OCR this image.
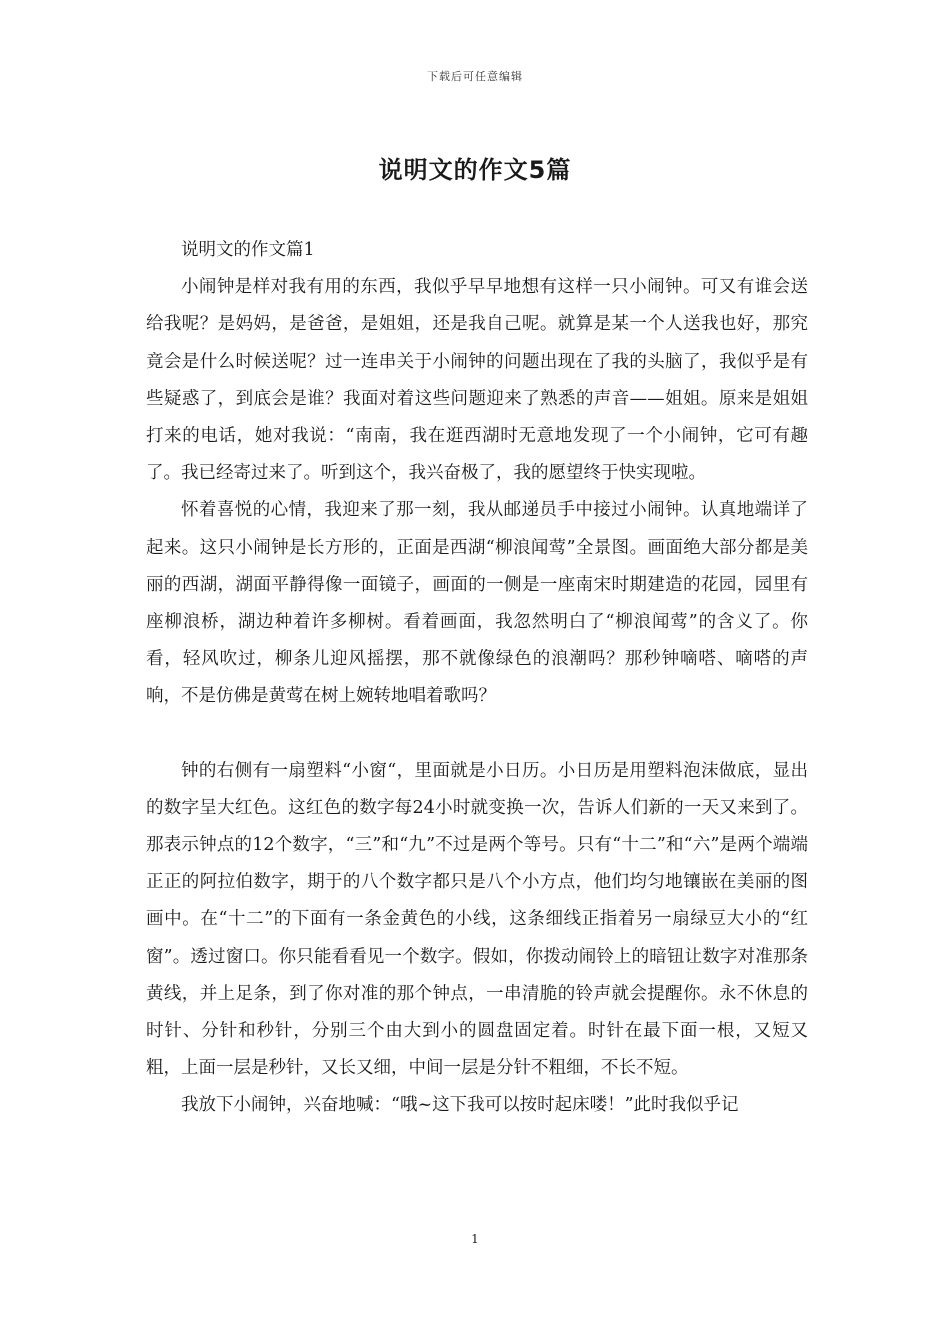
下载后可任意编辑
说明文的作文5篇

说明文的作文篇1

小闹钟是样对我有用的东西，我似乎早早地想有这样一只小闹钟。可又有谁会送给我呢？是妈妈，是爸爸，是姐姐，还是我自己呢。就算是某一个人送我也好，那究竟会是什么时候送呢？过一连串关于小闹钟的问题出现在了我的头脑了，我似乎是有些疑惑了，到底会是谁？我面对着这些问题迎来了熟悉的声音——姐姐。原来是姐姐打来的电话，她对我说：“南南，我在逛西湖时无意地发现了一个小闹钟，它可有趣了。我已经寄过来了。听到这个，我兴奋极了，我的愿望终于快实现啦。

怀着喜悦的心情，我迎来了那一刻，我从邮递员手中接过小闹钟。认真地端详了起来。这只小闹钟是长方形的，正面是西湖“柳浪闻莺”全景图。画面绝大部分都是美丽的西湖，湖面平静得像一面镜子，画面的一侧是一座南宋时期建造的花园，园里有座柳浪桥，湖边种着许多柳树。看着画面，我忽然明白了“柳浪闻莺”的含义了。你看，轻风吹过，柳条儿迎风摇摆，那不就像绿色的浪潮吗？那秒钟嘀嗒、嘀嗒的声响，不是仿佛是黄莺在树上婉转地唱着歌吗？

钟的右侧有一扇塑料“小窗“，里面就是小日历。小日历是用塑料泡沫做底，显出的数字呈大红色。这红色的数字每24小时就变换一次，告诉人们新的一天又来到了。那表示钟点的12个数字，“三”和“九”不过是两个等号。只有“十二”和“六”是两个端端正正的阿拉伯数字，期于的八个数字都只是八个小方点，他们均匀地镶嵌在美丽的图画中。在“十二”的下面有一条金黄色的小线，这条细线正指着另一扇绿豆大小的“红窗”。透过窗口。你只能看看见一个数字。假如，你拨动闹铃上的暗钮让数字对准那条黄线，并上足条，到了你对准的那个钟点，一串清脆的铃声就会提醒你。永不休息的时针、分针和秒针，分别三个由大到小的圆盘固定着。时针在最下面一根，又短又粗，上面一层是秒针，又长又细，中间一层是分针不粗细，不长不短。

我放下小闹钟，兴奋地喊：“哦~这下我可以按时起床喽！”此时我似乎记

1
